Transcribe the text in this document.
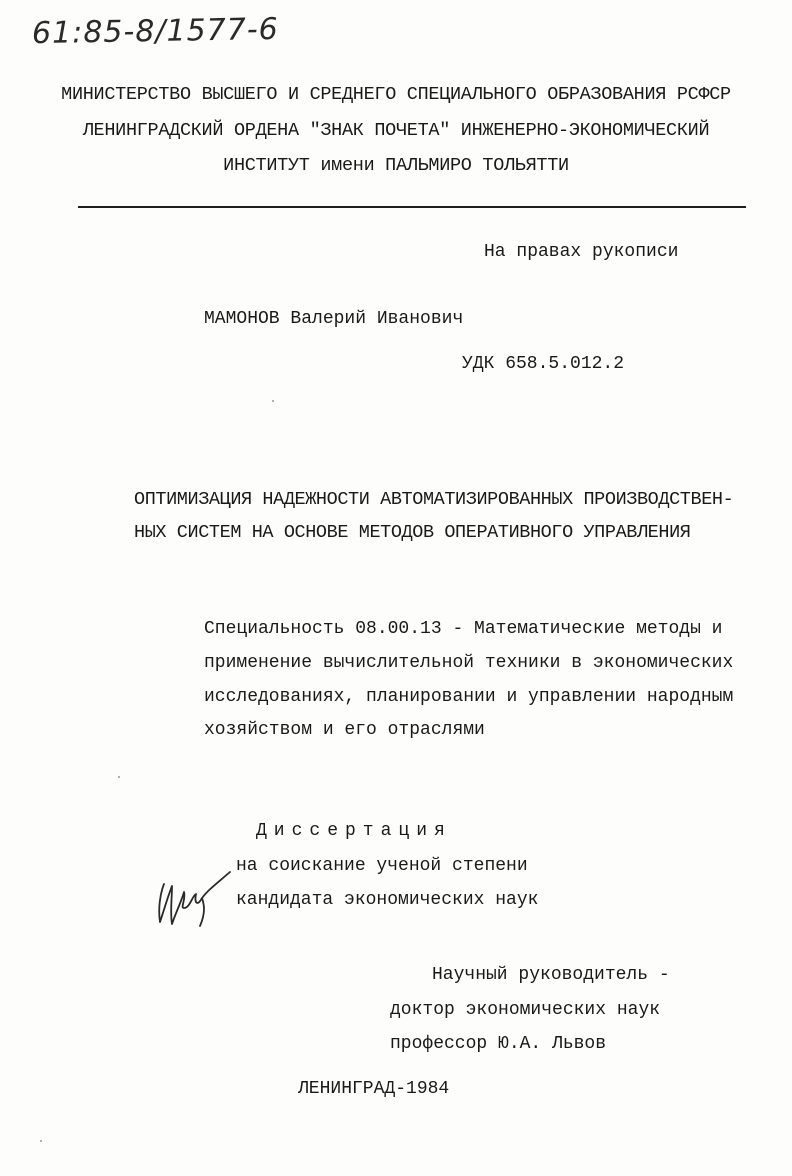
61:85-8/1577-6
МИНИСТЕРСТВО ВЫСШЕГО И СРЕДНЕГО СПЕЦИАЛЬНОГО ОБРАЗОВАНИЯ РСФСР
ЛЕНИНГРАДСКИЙ ОРДЕНА "ЗНАК ПОЧЕТА" ИНЖЕНЕРНО-ЭКОНОМИЧЕСКИЙ
ИНСТИТУТ имени ПАЛЬМИРО ТОЛЬЯТТИ
На правах рукописи
МАМОНОВ Валерий Иванович
УДК 658.5.012.2
ОПТИМИЗАЦИЯ НАДЕЖНОСТИ АВТОМАТИЗИРОВАННЫХ ПРОИЗВОДСТВЕН-
НЫХ СИСТЕМ НА ОСНОВЕ МЕТОДОВ ОПЕРАТИВНОГО УПРАВЛЕНИЯ
Специальность 08.00.13 - Математические методы и
применение вычислительной техники в экономических
исследованиях, планировании и управлении народным
хозяйством и его отраслями
Диссертация
на соискание ученой степени
кандидата экономических наук
Научный руководитель -
доктор экономических наук
профессор Ю.А. Львов
ЛЕНИНГРАД-1984
